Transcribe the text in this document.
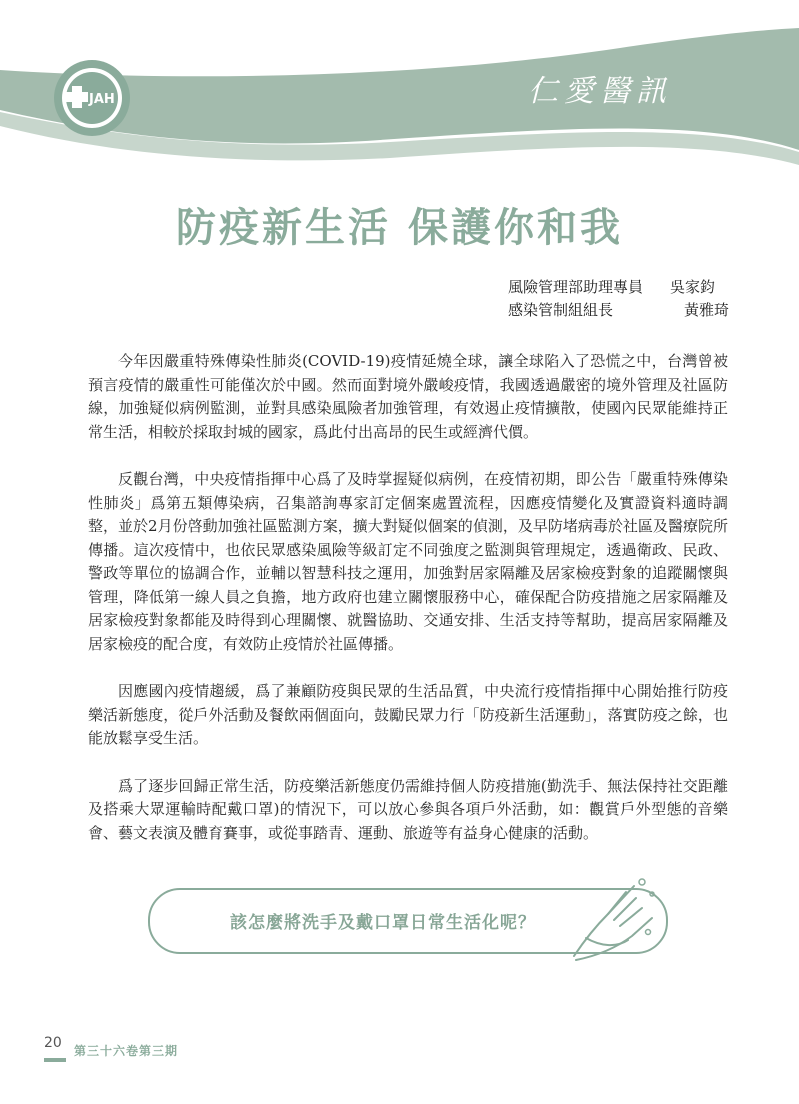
JAH	仁愛醫訊
防疫新生活 保護你和我
風險管理部助理專員	吳家鈞
感染管制組組長	黃雅琦

今年因嚴重特殊傳染性肺炎(COVID-19)疫情延燒全球，讓全球陷入了恐慌之中，台灣曾被預言疫情的嚴重性可能僅次於中國。然而面對境外嚴峻疫情，我國透過嚴密的境外管理及社區防線，加強疑似病例監測，並對具感染風險者加強管理，有效遏止疫情擴散，使國內民眾能維持正常生活，相較於採取封城的國家，爲此付出高昂的民生或經濟代價。

反觀台灣，中央疫情指揮中心爲了及時掌握疑似病例，在疫情初期，即公告「嚴重特殊傳染性肺炎」爲第五類傳染病，召集諮詢專家訂定個案處置流程，因應疫情變化及實證資料適時調整，並於2月份啓動加強社區監測方案，擴大對疑似個案的偵測，及早防堵病毒於社區及醫療院所傳播。這次疫情中，也依民眾感染風險等級訂定不同強度之監測與管理規定，透過衛政、民政、警政等單位的協調合作，並輔以智慧科技之運用，加強對居家隔離及居家檢疫對象的追蹤關懷與管理，降低第一線人員之負擔，地方政府也建立關懷服務中心，確保配合防疫措施之居家隔離及居家檢疫對象都能及時得到心理關懷、就醫協助、交通安排、生活支持等幫助，提高居家隔離及居家檢疫的配合度，有效防止疫情於社區傳播。

因應國內疫情趨緩，爲了兼顧防疫與民眾的生活品質，中央流行疫情指揮中心開始推行防疫樂活新態度，從戶外活動及餐飲兩個面向，鼓勵民眾力行「防疫新生活運動」，落實防疫之餘，也能放鬆享受生活。

爲了逐步回歸正常生活，防疫樂活新態度仍需維持個人防疫措施(勤洗手、無法保持社交距離及搭乘大眾運輸時配戴口罩)的情況下，可以放心參與各項戶外活動，如：觀賞戶外型態的音樂會、藝文表演及體育賽事，或從事踏青、運動、旅遊等有益身心健康的活動。

該怎麼將洗手及戴口罩日常生活化呢？
20 第三十六卷第三期
